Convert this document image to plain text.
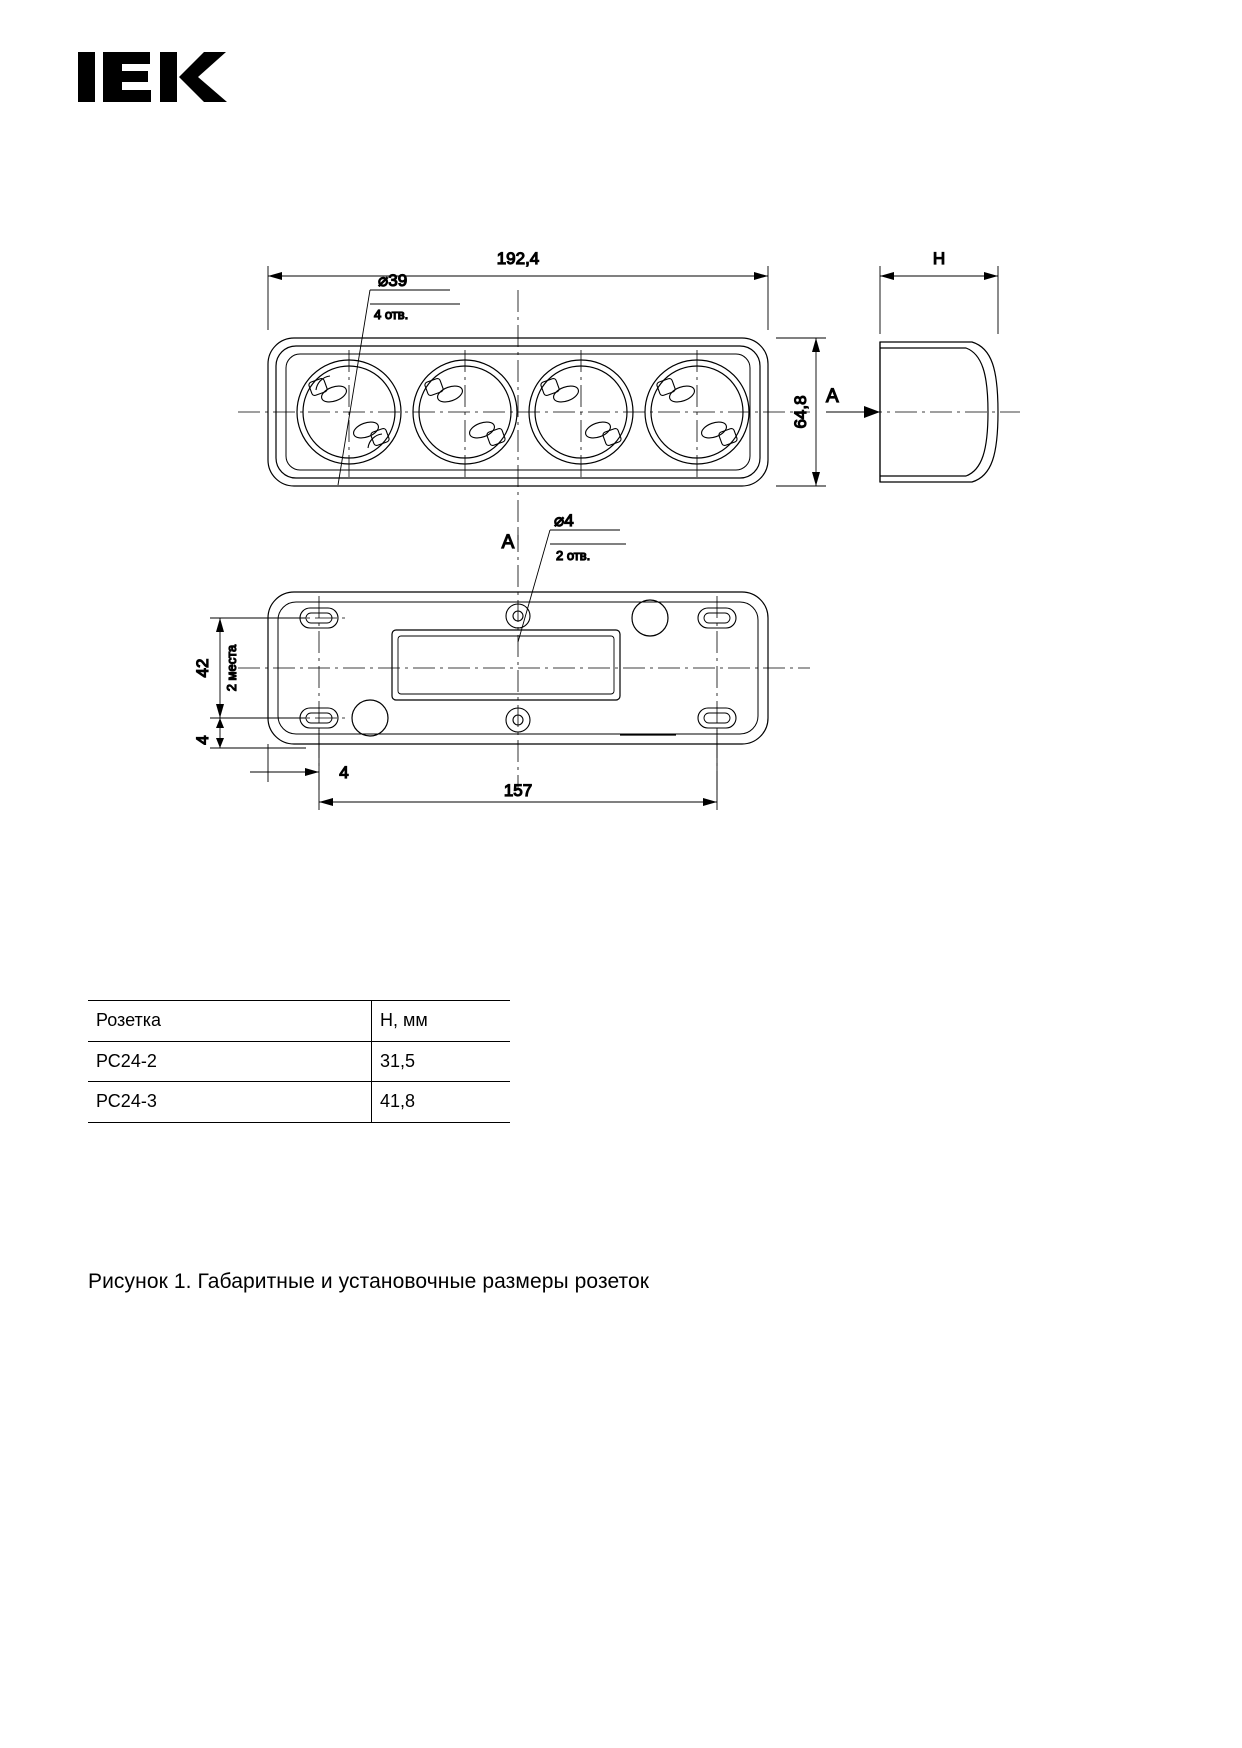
192,4
64,8
⌀39
4 отв.
A
H
A
⌀4
2 отв.
42 2 места
4
4
157
Розетка	H, мм
РС24-2	31,5
РС24-3	41,8
Рисунок 1. Габаритные и установочные размеры розеток
